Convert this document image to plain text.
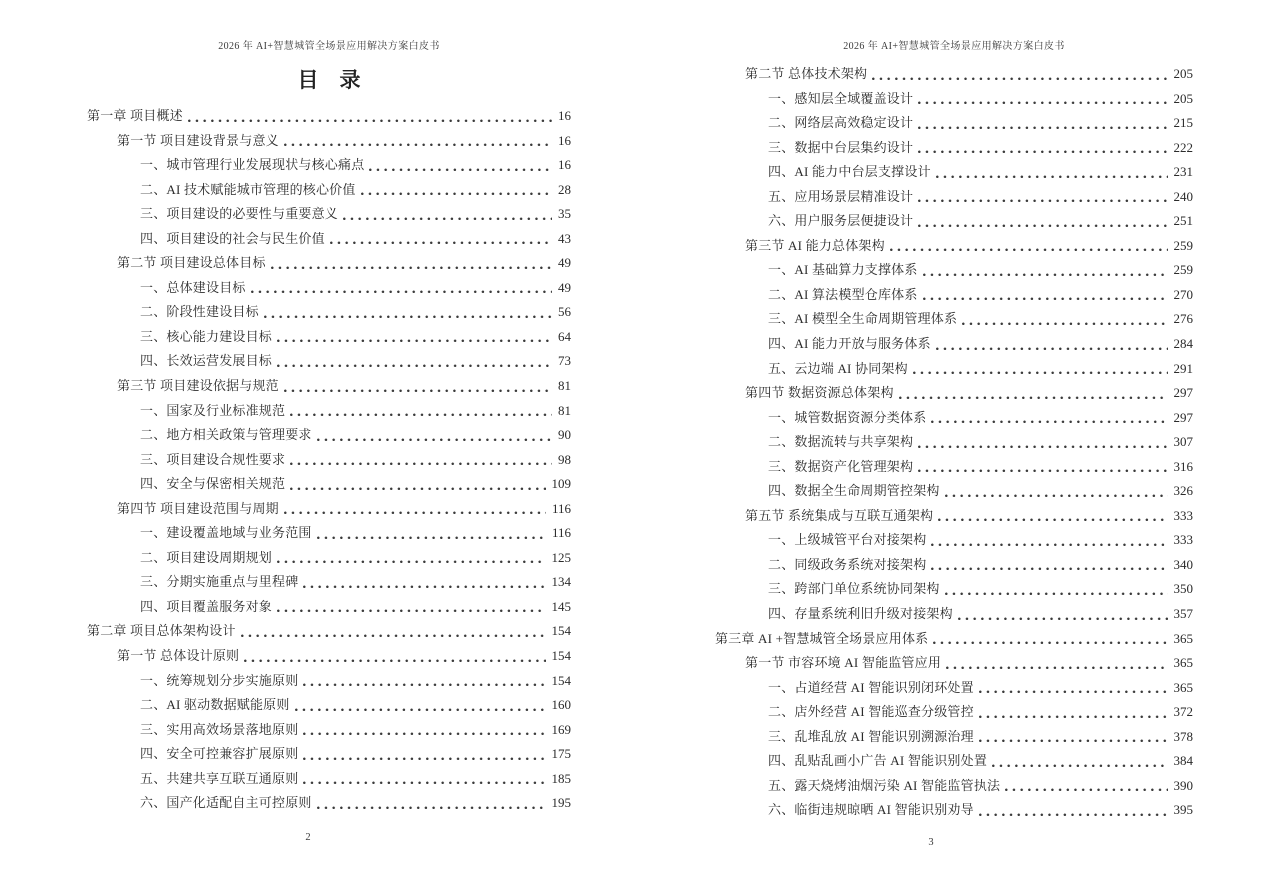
2026 年 AI+智慧城管全场景应用解决方案白皮书
目　录
第一章 项目概述	16
第一节 项目建设背景与意义	16
一、城市管理行业发展现状与核心痛点	16
二、AI 技术赋能城市管理的核心价值	28
三、项目建设的必要性与重要意义	35
四、项目建设的社会与民生价值	43
第二节 项目建设总体目标	49
一、总体建设目标	49
二、阶段性建设目标	56
三、核心能力建设目标	64
四、长效运营发展目标	73
第三节 项目建设依据与规范	81
一、国家及行业标准规范	81
二、地方相关政策与管理要求	90
三、项目建设合规性要求	98
四、安全与保密相关规范	109
第四节 项目建设范围与周期	116
一、建设覆盖地域与业务范围	116
二、项目建设周期规划	125
三、分期实施重点与里程碑	134
四、项目覆盖服务对象	145
第二章 项目总体架构设计	154
第一节 总体设计原则	154
一、统筹规划分步实施原则	154
二、AI 驱动数据赋能原则	160
三、实用高效场景落地原则	169
四、安全可控兼容扩展原则	175
五、共建共享互联互通原则	185
六、国产化适配自主可控原则	195
2
2026 年 AI+智慧城管全场景应用解决方案白皮书
第二节 总体技术架构	205
一、感知层全域覆盖设计	205
二、网络层高效稳定设计	215
三、数据中台层集约设计	222
四、AI 能力中台层支撑设计	231
五、应用场景层精准设计	240
六、用户服务层便捷设计	251
第三节 AI 能力总体架构	259
一、AI 基础算力支撑体系	259
二、AI 算法模型仓库体系	270
三、AI 模型全生命周期管理体系	276
四、AI 能力开放与服务体系	284
五、云边端 AI 协同架构	291
第四节 数据资源总体架构	297
一、城管数据资源分类体系	297
二、数据流转与共享架构	307
三、数据资产化管理架构	316
四、数据全生命周期管控架构	326
第五节 系统集成与互联互通架构	333
一、上级城管平台对接架构	333
二、同级政务系统对接架构	340
三、跨部门单位系统协同架构	350
四、存量系统利旧升级对接架构	357
第三章 AI +智慧城管全场景应用体系	365
第一节 市容环境 AI 智能监管应用	365
一、占道经营 AI 智能识别闭环处置	365
二、店外经营 AI 智能巡查分级管控	372
三、乱堆乱放 AI 智能识别溯源治理	378
四、乱贴乱画小广告 AI 智能识别处置	384
五、露天烧烤油烟污染 AI 智能监管执法	390
六、临街违规晾晒 AI 智能识别劝导	395
3
